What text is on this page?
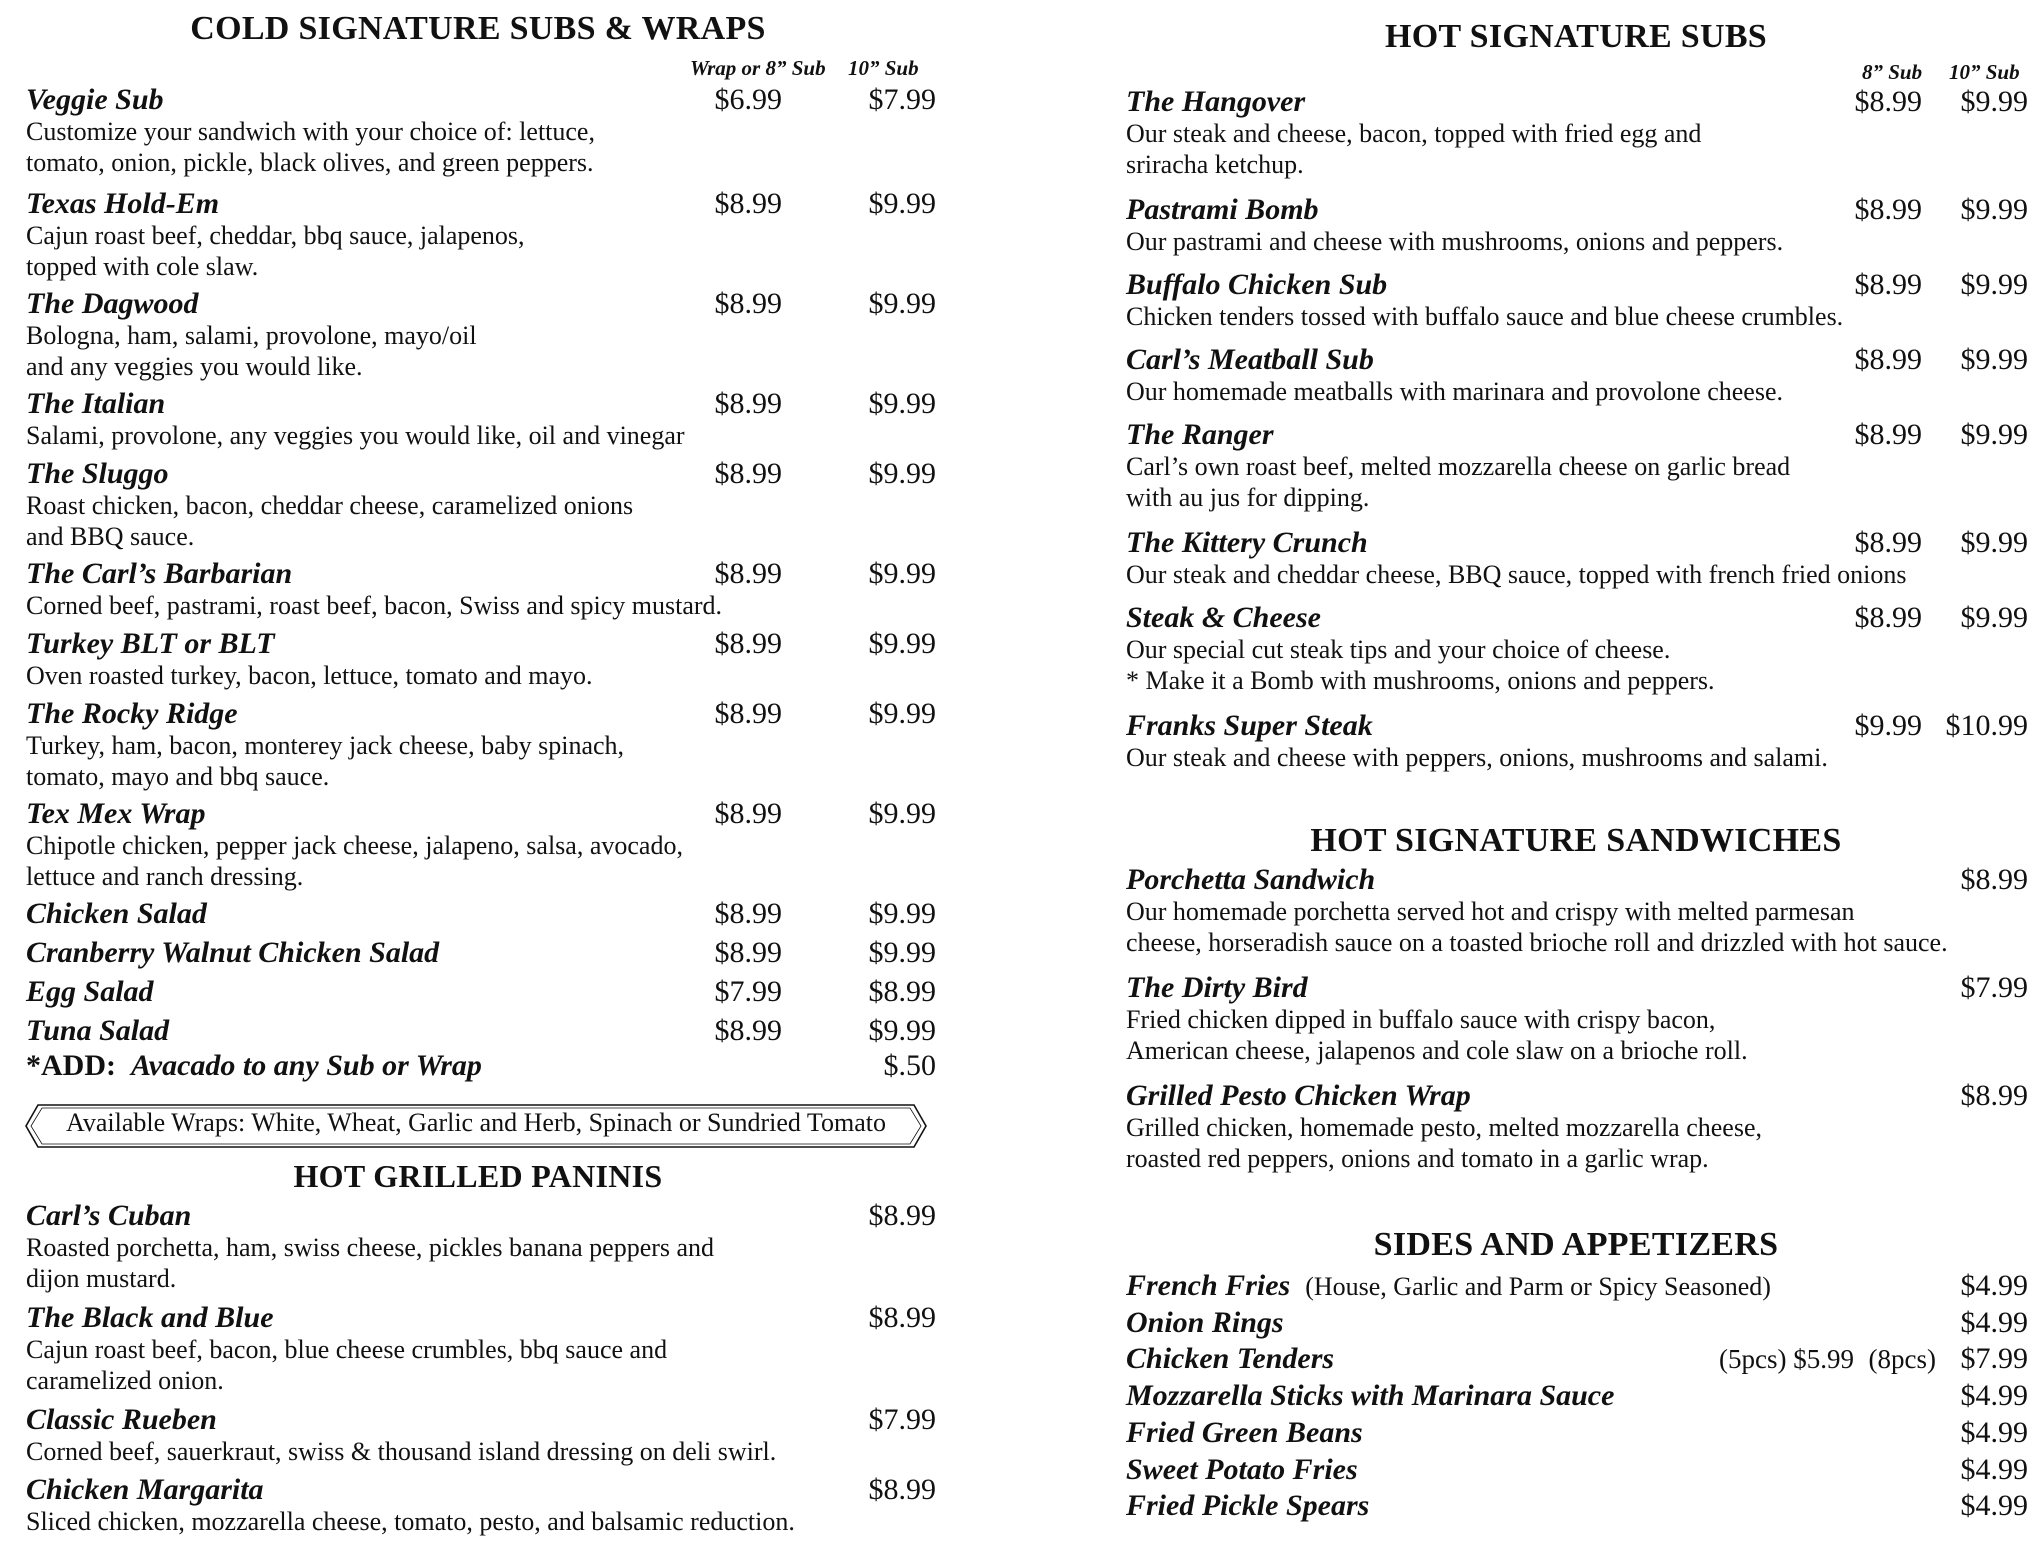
COLD SIGNATURE SUBS & WRAPS
Wrap or 8” Sub 10” Sub
Veggie Sub	$6.99	$7.99
Customize your sandwich with your choice of: lettuce,
tomato, onion, pickle, black olives, and green peppers.
Texas Hold-Em	$8.99	$9.99
Cajun roast beef, cheddar, bbq sauce, jalapenos,
topped with cole slaw.
The Dagwood	$8.99	$9.99
Bologna, ham, salami, provolone, mayo/oil
and any veggies you would like.
The Italian	$8.99	$9.99
Salami, provolone, any veggies you would like, oil and vinegar
The Sluggo	$8.99	$9.99
Roast chicken, bacon, cheddar cheese, caramelized onions
and BBQ sauce.
The Carl’s Barbarian	$8.99	$9.99
Corned beef, pastrami, roast beef, bacon, Swiss and spicy mustard.
Turkey BLT or BLT	$8.99	$9.99
Oven roasted turkey, bacon, lettuce, tomato and mayo.
The Rocky Ridge	$8.99	$9.99
Turkey, ham, bacon, monterey jack cheese, baby spinach,
tomato, mayo and bbq sauce.
Tex Mex Wrap	$8.99	$9.99
Chipotle chicken, pepper jack cheese, jalapeno, salsa, avocado,
lettuce and ranch dressing.
Chicken Salad	$8.99	$9.99
Cranberry Walnut Chicken Salad	$8.99	$9.99
Egg Salad	$7.99	$8.99
Tuna Salad	$8.99	$9.99
*ADD: Avacado to any Sub or Wrap	$.50
Available Wraps: White, Wheat, Garlic and Herb, Spinach or Sundried Tomato
HOT GRILLED PANINIS
Carl’s Cuban	$8.99
Roasted porchetta, ham, swiss cheese, pickles banana peppers and
dijon mustard.
The Black and Blue	$8.99
Cajun roast beef, bacon, blue cheese crumbles, bbq sauce and
caramelized onion.
Classic Rueben	$7.99
Corned beef, sauerkraut, swiss & thousand island dressing on deli swirl.
Chicken Margarita	$8.99
Sliced chicken, mozzarella cheese, tomato, pesto, and balsamic reduction.
HOT SIGNATURE SUBS
8” Sub 10” Sub
The Hangover	$8.99 $9.99
Our steak and cheese, bacon, topped with fried egg and
sriracha ketchup.
Pastrami Bomb	$8.99 $9.99
Our pastrami and cheese with mushrooms, onions and peppers.
Buffalo Chicken Sub	$8.99 $9.99
Chicken tenders tossed with buffalo sauce and blue cheese crumbles.
Carl’s Meatball Sub	$8.99 $9.99
Our homemade meatballs with marinara and provolone cheese.
The Ranger	$8.99 $9.99
Carl’s own roast beef, melted mozzarella cheese on garlic bread
with au jus for dipping.
The Kittery Crunch	$8.99 $9.99
Our steak and cheddar cheese, BBQ sauce, topped with french fried onions
Steak & Cheese	$8.99 $9.99
Our special cut steak tips and your choice of cheese.
* Make it a Bomb with mushrooms, onions and peppers.
Franks Super Steak	$9.99 $10.99
Our steak and cheese with peppers, onions, mushrooms and salami.
HOT SIGNATURE SANDWICHES
Porchetta Sandwich	$8.99
Our homemade porchetta served hot and crispy with melted parmesan
cheese, horseradish sauce on a toasted brioche roll and drizzled with hot sauce.
The Dirty Bird	$7.99
Fried chicken dipped in buffalo sauce with crispy bacon,
American cheese, jalapenos and cole slaw on a brioche roll.
Grilled Pesto Chicken Wrap	$8.99
Grilled chicken, homemade pesto, melted mozzarella cheese,
roasted red peppers, onions and tomato in a garlic wrap.
SIDES AND APPETIZERS
French Fries (House, Garlic and Parm or Spicy Seasoned)	$4.99
Onion Rings	$4.99
Chicken Tenders	(5pcs) $5.99 (8pcs) $7.99
Mozzarella Sticks with Marinara Sauce	$4.99
Fried Green Beans	$4.99
Sweet Potato Fries	$4.99
Fried Pickle Spears	$4.99
